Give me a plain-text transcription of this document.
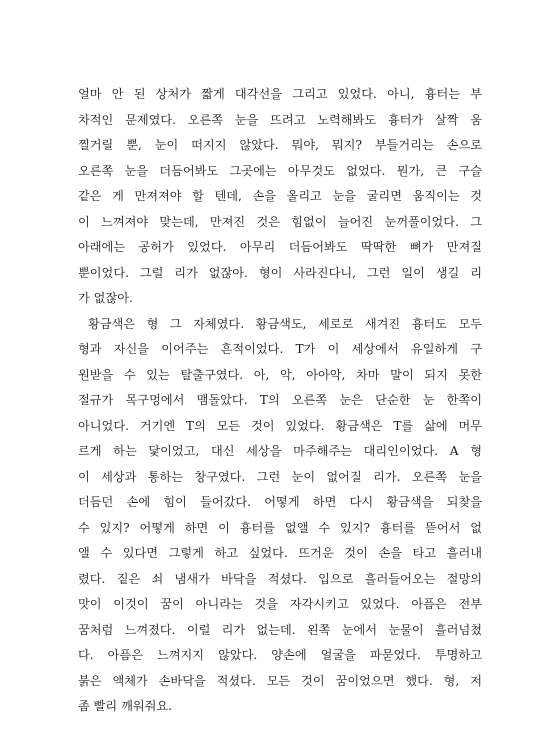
얼마 안 된 상처가 짧게 대각선을 그리고 있었다. 아니, 흉터는 부
차적인 문제였다. 오른쪽 눈을 뜨려고 노력해봐도 흉터가 살짝 움
찔거릴 뿐, 눈이 떠지지 않았다. 뭐야, 뭐지? 부들거리는 손으로
오른쪽 눈을 더듬어봐도 그곳에는 아무것도 없었다. 뭔가, 큰 구슬
같은 게 만져져야 할 텐데, 손을 올리고 눈을 굴리면 움직이는 것
이 느껴져야 맞는데, 만져진 것은 힘없이 늘어진 눈꺼풀이었다. 그
아래에는 공허가 있었다. 아무리 더듬어봐도 딱딱한 뼈가 만져질
뿐이었다. 그럴 리가 없잖아. 형이 사라진다니, 그런 일이 생길 리
가 없잖아.
황금색은 형 그 자체였다. 황금색도, 세로로 새겨진 흉터도 모두
형과 자신을 이어주는 흔적이었다. T가 이 세상에서 유일하게 구
원받을 수 있는 탈출구였다. 아, 악, 아아악, 차마 말이 되지 못한
절규가 목구멍에서 맴돌았다. T의 오른쪽 눈은 단순한 눈 한쪽이
아니었다. 거기엔 T의 모든 것이 있었다. 황금색은 T를 삶에 머무
르게 하는 닻이었고, 대신 세상을 마주해주는 대리인이었다. A 형
이 세상과 통하는 창구였다. 그런 눈이 없어질 리가. 오른쪽 눈을
더듬던 손에 힘이 들어갔다. 어떻게 하면 다시 황금색을 되찾을
수 있지? 어떻게 하면 이 흉터를 없앨 수 있지? 흉터를 뜯어서 없
앨 수 있다면 그렇게 하고 싶었다. 뜨거운 것이 손을 타고 흘러내
렸다. 짙은 쇠 냄새가 바닥을 적셨다. 입으로 흘러들어오는 절망의
맛이 이것이 꿈이 아니라는 것을 자각시키고 있었다. 아픔은 전부
꿈처럼 느껴졌다. 이럴 리가 없는데. 왼쪽 눈에서 눈물이 흘러넘쳤
다. 아픔은 느껴지지 않았다. 양손에 얼굴을 파묻었다. 투명하고
붉은 액체가 손바닥을 적셨다. 모든 것이 꿈이었으면 했다. 형, 저
좀 빨리 깨워줘요.
